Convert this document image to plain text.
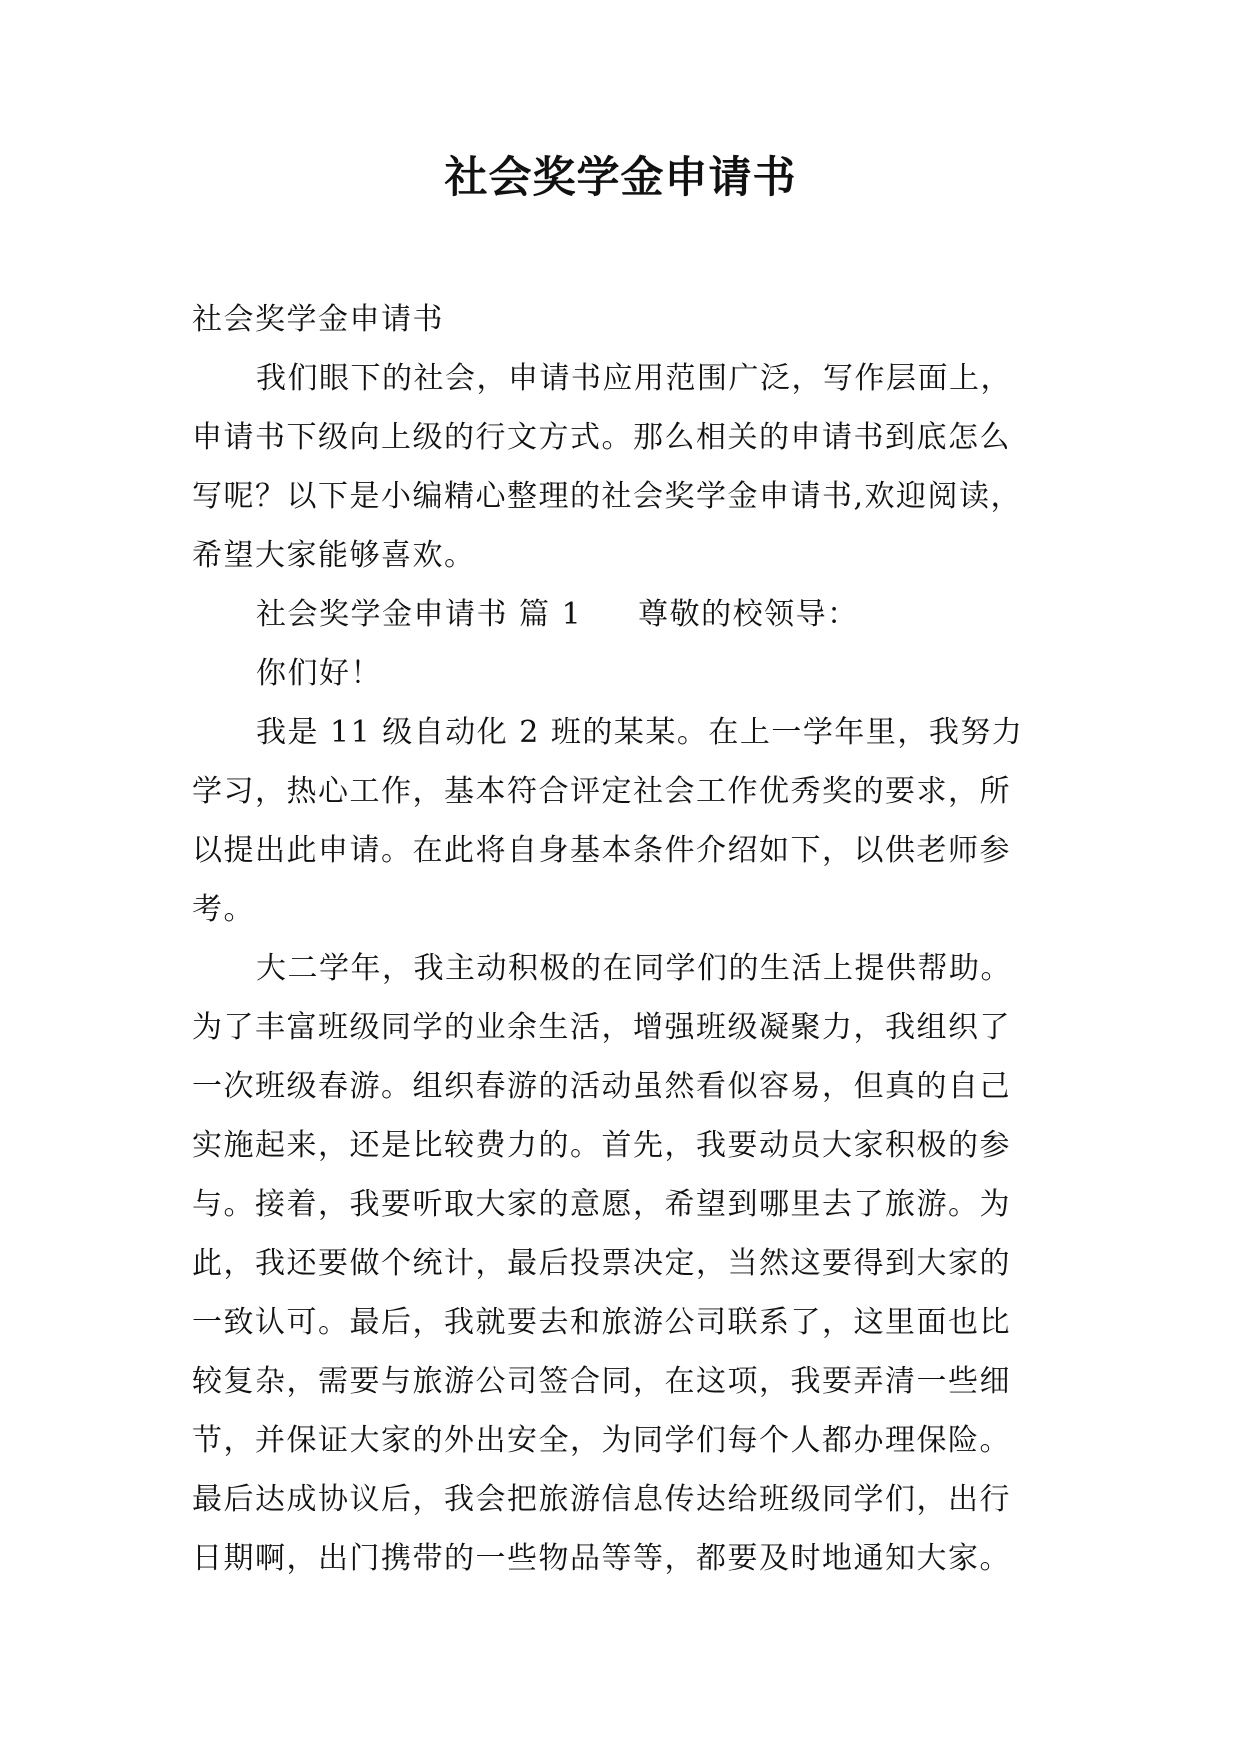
社会奖学金申请书
社会奖学金申请书
我们眼下的社会，申请书应用范围广泛，写作层面上，
申请书下级向上级的行文方式。那么相关的申请书到底怎么
写呢？以下是小编精心整理的社会奖学金申请书,欢迎阅读，
希望大家能够喜欢。
社会奖学金申请书 篇 1 尊敬的校领导：
你们好！
我是 11 级自动化 2 班的某某。在上一学年里，我努力
学习，热心工作，基本符合评定社会工作优秀奖的要求，所
以提出此申请。在此将自身基本条件介绍如下，以供老师参
考。
大二学年，我主动积极的在同学们的生活上提供帮助。
为了丰富班级同学的业余生活，增强班级凝聚力，我组织了
一次班级春游。组织春游的活动虽然看似容易，但真的自己
实施起来，还是比较费力的。首先，我要动员大家积极的参
与。接着，我要听取大家的意愿，希望到哪里去了旅游。为
此，我还要做个统计，最后投票决定，当然这要得到大家的
一致认可。最后，我就要去和旅游公司联系了，这里面也比
较复杂，需要与旅游公司签合同，在这项，我要弄清一些细
节，并保证大家的外出安全，为同学们每个人都办理保险。
最后达成协议后，我会把旅游信息传达给班级同学们，出行
日期啊，出门携带的一些物品等等，都要及时地通知大家。
